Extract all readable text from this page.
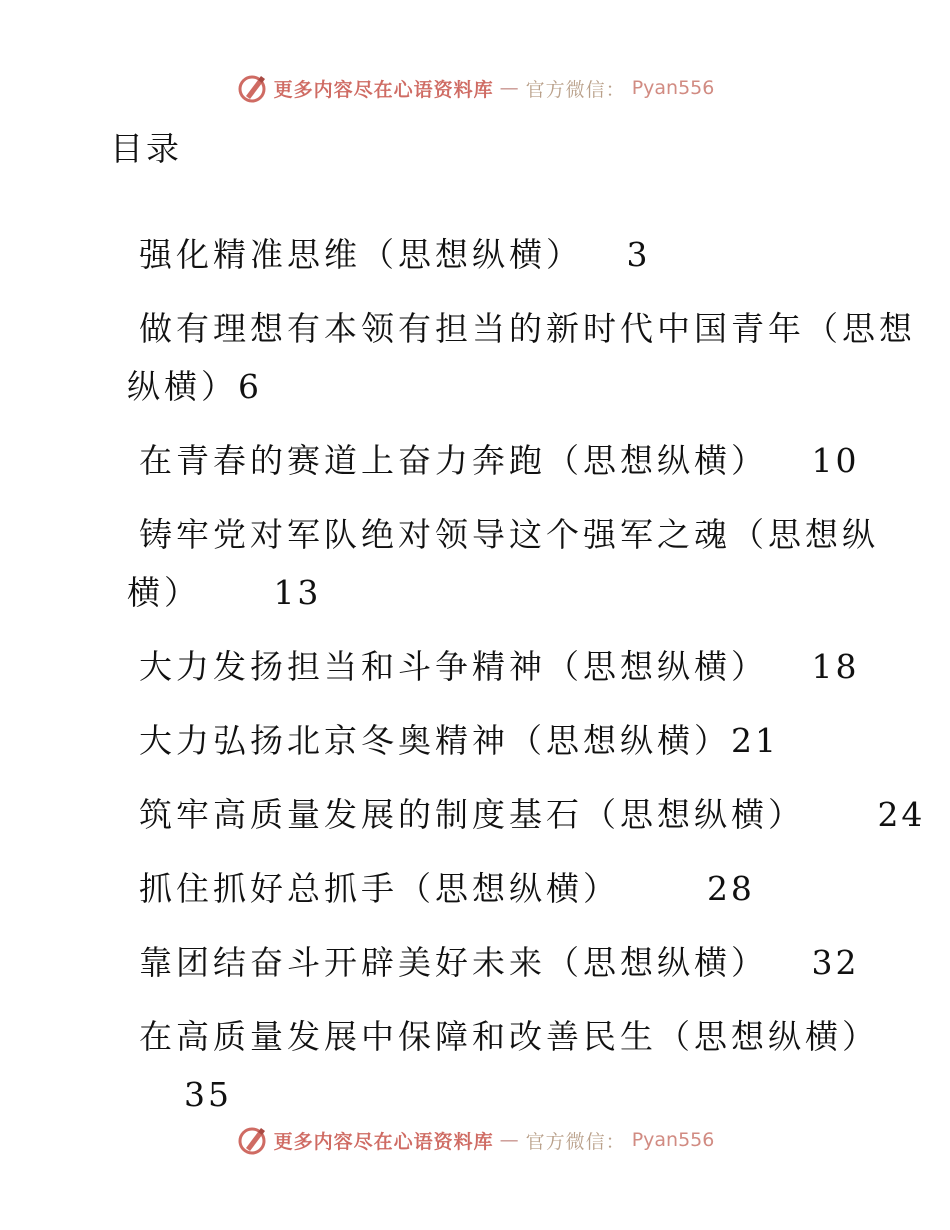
更多内容尽在心语资料库 — 官方微信： Pyan556
目录

强化精准思维（思想纵横） 3

做有理想有本领有担当的新时代中国青年（思想

纵横）6

在青春的赛道上奋力奔跑（思想纵横） 10

铸牢党对军队绝对领导这个强军之魂（思想纵

横） 13

大力发扬担当和斗争精神（思想纵横） 18

大力弘扬北京冬奥精神（思想纵横）21

筑牢高质量发展的制度基石（思想纵横） 24

抓住抓好总抓手（思想纵横）	28

靠团结奋斗开辟美好未来（思想纵横） 32

在高质量发展中保障和改善民生（思想纵横）

35

更多内容尽在心语资料库 — 官方微信： Pyan556
